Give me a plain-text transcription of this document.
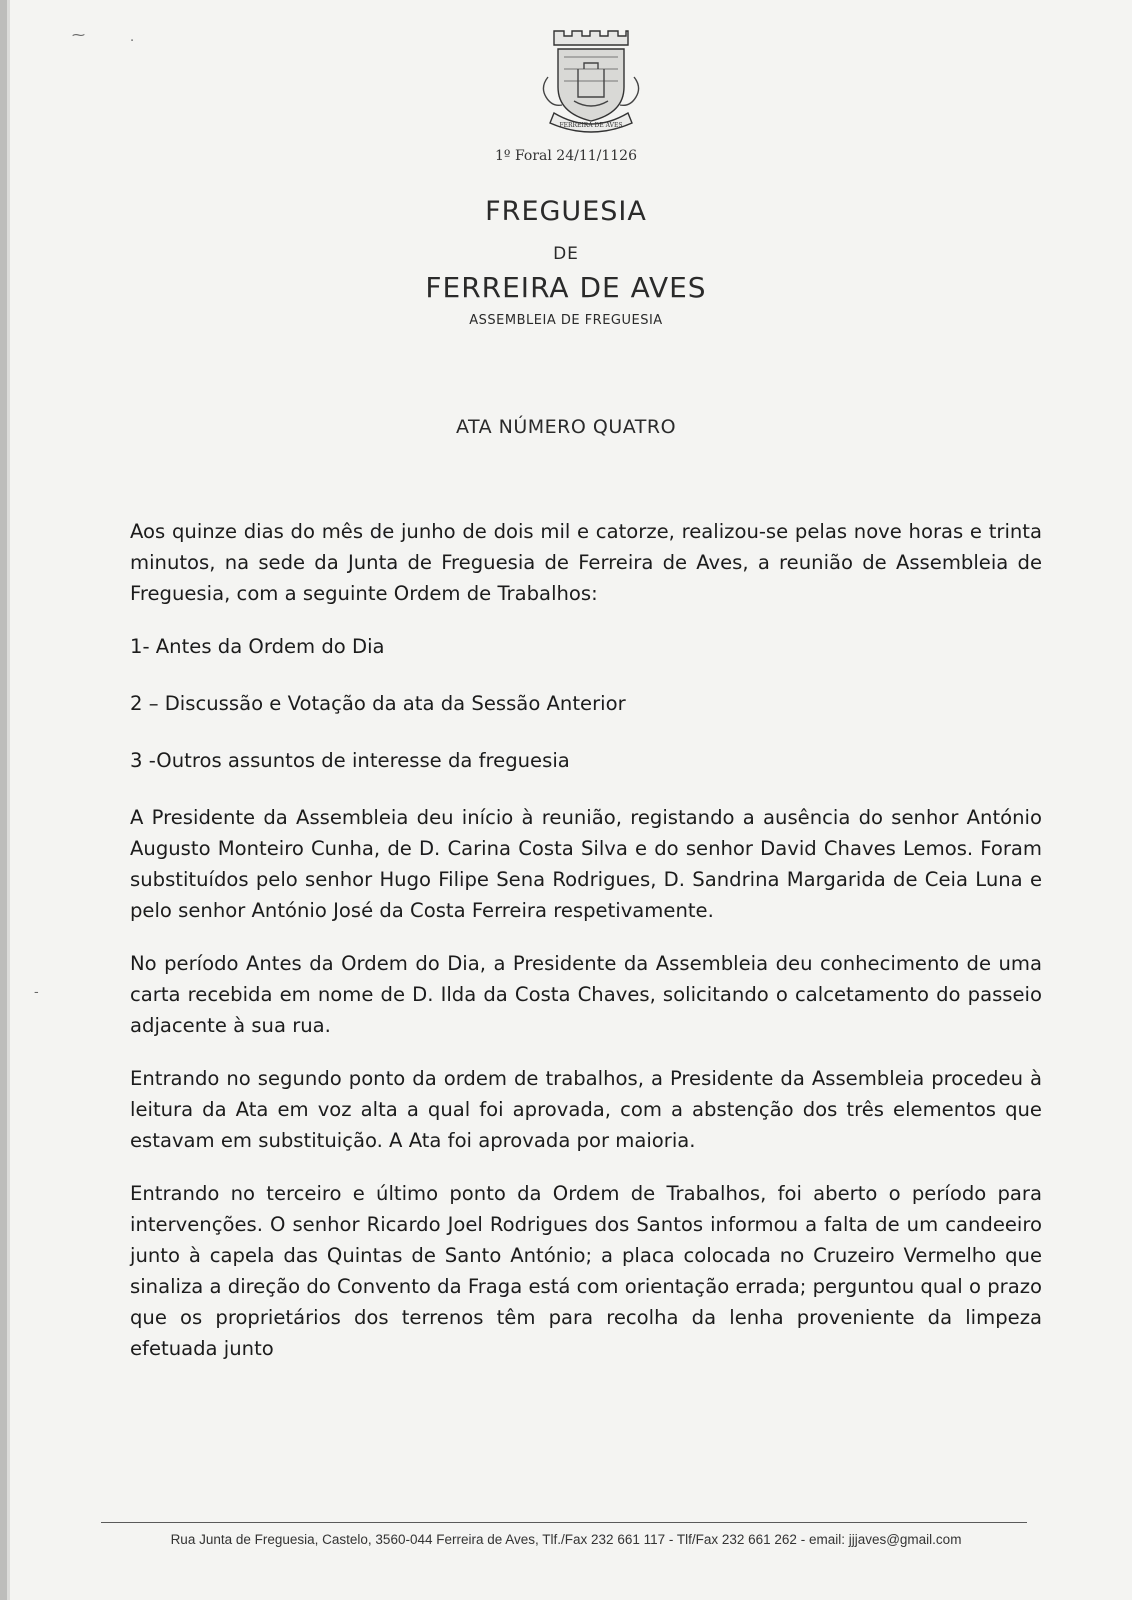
⁓	·
-
FERREIRA DE AVES
1º Foral 24/11/1126
FREGUESIA
DE
FERREIRA DE AVES
ASSEMBLEIA DE FREGUESIA
ATA NÚMERO QUATRO

Aos quinze dias do mês de junho de dois mil e catorze, realizou-se pelas nove horas e trinta minutos, na sede da Junta de Freguesia de Ferreira de Aves, a reunião de Assembleia de Freguesia, com a seguinte Ordem de Trabalhos:

1- Antes da Ordem do Dia

2 – Discussão e Votação da ata da Sessão Anterior

3 -Outros assuntos de interesse da freguesia

A Presidente da Assembleia deu início à reunião, registando a ausência do senhor António Augusto Monteiro Cunha, de D. Carina Costa Silva e do senhor David Chaves Lemos. Foram substituídos pelo senhor Hugo Filipe Sena Rodrigues, D. Sandrina Margarida de Ceia Luna e pelo senhor António José da Costa Ferreira respetivamente.

No período Antes da Ordem do Dia, a Presidente da Assembleia deu conhecimento de uma carta recebida em nome de D. Ilda da Costa Chaves, solicitando o calcetamento do passeio adjacente à sua rua.

Entrando no segundo ponto da ordem de trabalhos, a Presidente da Assembleia procedeu à leitura da Ata em voz alta a qual foi aprovada, com a abstenção dos três elementos que estavam em substituição. A Ata foi aprovada por maioria.

Entrando no terceiro e último ponto da Ordem de Trabalhos, foi aberto o período para intervenções. O senhor Ricardo Joel Rodrigues dos Santos informou a falta de um candeeiro junto à capela das Quintas de Santo António; a placa colocada no Cruzeiro Vermelho que sinaliza a direção do Convento da Fraga está com orientação errada; perguntou qual o prazo que os proprietários dos terrenos têm para recolha da lenha proveniente da limpeza efetuada junto

Rua Junta de Freguesia, Castelo, 3560-044 Ferreira de Aves, Tlf./Fax 232 661 117 - Tlf/Fax 232 661 262 - email: jjjaves@gmail.com
